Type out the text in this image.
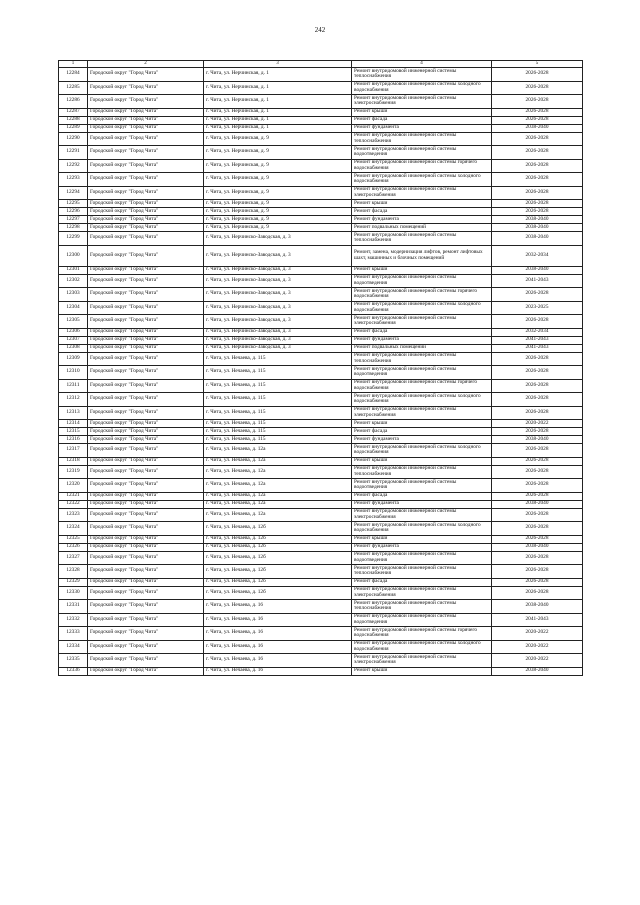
242
1	2	3	4	5
12284	Городской округ "Город Чита"	г. Чита, ул. Нерчинская, д. 1	Ремонт внутридомовой инженерной системы теплоснабжения	2026-2028
12285	Городской округ "Город Чита"	г. Чита, ул. Нерчинская, д. 1	Ремонт внутридомовой инженерной системы холодного водоснабжения	2026-2028
12286	Городской округ "Город Чита"	г. Чита, ул. Нерчинская, д. 1	Ремонт внутридомовой инженерной системы электроснабжения	2026-2028
12287	Городской округ "Город Чита"	г. Чита, ул. Нерчинская, д. 1	Ремонт крыши	2026-2028
12288	Городской округ "Город Чита"	г. Чита, ул. Нерчинская, д. 1	Ремонт фасада	2026-2028
12289	Городской округ "Город Чита"	г. Чита, ул. Нерчинская, д. 1	Ремонт фундамента	2038-2040
12290	Городской округ "Город Чита"	г. Чита, ул. Нерчинская, д. 9	Ремонт внутридомовой инженерной системы теплоснабжения	2026-2028
12291	Городской округ "Город Чита"	г. Чита, ул. Нерчинская, д. 9	Ремонт внутридомовой инженерной системы водоотведения	2026-2028
12292	Городской округ "Город Чита"	г. Чита, ул. Нерчинская, д. 9	Ремонт внутридомовой инженерной системы горячего водоснабжения	2026-2028
12293	Городской округ "Город Чита"	г. Чита, ул. Нерчинская, д. 9	Ремонт внутридомовой инженерной системы холодного водоснабжения	2026-2028
12294	Городской округ "Город Чита"	г. Чита, ул. Нерчинская, д. 9	Ремонт внутридомовой инженерной системы электроснабжения	2026-2028
12295	Городской округ "Город Чита"	г. Чита, ул. Нерчинская, д. 9	Ремонт крыши	2026-2028
12296	Городской округ "Город Чита"	г. Чита, ул. Нерчинская, д. 9	Ремонт фасада	2026-2028
12297	Городской округ "Город Чита"	г. Чита, ул. Нерчинская, д. 9	Ремонт фундамента	2038-2040
12298	Городской округ "Город Чита"	г. Чита, ул. Нерчинская, д. 9	Ремонт подвальных помещений	2038-2040
12299	Городской округ "Город Чита"	г. Чита, ул. Нерчинско-Заводская, д. 3	Ремонт внутридомовой инженерной системы теплоснабжения	2038-2040
12300	Городской округ "Город Чита"	г. Чита, ул. Нерчинско-Заводская, д. 3	Ремонт, замена, модернизация лифтов, ремонт лифтовых шахт, машинных и блочных помещений	2032-2034
12301	Городской округ "Город Чита"	г. Чита, ул. Нерчинско-Заводская, д. 3	Ремонт крыши	2038-2040
12302	Городской округ "Город Чита"	г. Чита, ул. Нерчинско-Заводская, д. 3	Ремонт внутридомовой инженерной системы водоотведения	2041-2043
12303	Городской округ "Город Чита"	г. Чита, ул. Нерчинско-Заводская, д. 3	Ремонт внутридомовой инженерной системы горячего водоснабжения	2026-2028
12304	Городской округ "Город Чита"	г. Чита, ул. Нерчинско-Заводская, д. 3	Ремонт внутридомовой инженерной системы холодного водоснабжения	2023-2025
12305	Городской округ "Город Чита"	г. Чита, ул. Нерчинско-Заводская, д. 3	Ремонт внутридомовой инженерной системы электроснабжения	2026-2028
12306	Городской округ "Город Чита"	г. Чита, ул. Нерчинско-Заводская, д. 3	Ремонт фасада	2032-2034
12307	Городской округ "Город Чита"	г. Чита, ул. Нерчинско-Заводская, д. 3	Ремонт фундамента	2041-2043
12308	Городской округ "Город Чита"	г. Чита, ул. Нерчинско-Заводская, д. 3	Ремонт подвальных помещений	2041-2043
12309	Городской округ "Город Чита"	г. Чита, ул. Нечаева, д. 115	Ремонт внутридомовой инженерной системы теплоснабжения	2026-2028
12310	Городской округ "Город Чита"	г. Чита, ул. Нечаева, д. 115	Ремонт внутридомовой инженерной системы водоотведения	2026-2028
12311	Городской округ "Город Чита"	г. Чита, ул. Нечаева, д. 115	Ремонт внутридомовой инженерной системы горячего водоснабжения	2026-2028
12312	Городской округ "Город Чита"	г. Чита, ул. Нечаева, д. 115	Ремонт внутридомовой инженерной системы холодного водоснабжения	2026-2028
12313	Городской округ "Город Чита"	г. Чита, ул. Нечаева, д. 115	Ремонт внутридомовой инженерной системы электроснабжения	2026-2028
12314	Городской округ "Город Чита"	г. Чита, ул. Нечаева, д. 115	Ремонт крыши	2020-2022
12315	Городской округ "Город Чита"	г. Чита, ул. Нечаева, д. 115	Ремонт фасада	2026-2028
12316	Городской округ "Город Чита"	г. Чита, ул. Нечаева, д. 115	Ремонт фундамента	2038-2040
12317	Городской округ "Город Чита"	г. Чита, ул. Нечаева, д. 12а	Ремонт внутридомовой инженерной системы холодного водоснабжения	2026-2028
12318	Городской округ "Город Чита"	г. Чита, ул. Нечаева, д. 12а	Ремонт крыши	2026-2028
12319	Городской округ "Город Чита"	г. Чита, ул. Нечаева, д. 12а	Ремонт внутридомовой инженерной системы теплоснабжения	2026-2028
12320	Городской округ "Город Чита"	г. Чита, ул. Нечаева, д. 12а	Ремонт внутридомовой инженерной системы водоотведения	2026-2028
12321	Городской округ "Город Чита"	г. Чита, ул. Нечаева, д. 12а	Ремонт фасада	2026-2028
12322	Городской округ "Город Чита"	г. Чита, ул. Нечаева, д. 12а	Ремонт фундамента	2038-2040
12323	Городской округ "Город Чита"	г. Чита, ул. Нечаева, д. 12а	Ремонт внутридомовой инженерной системы электроснабжения	2026-2028
12324	Городской округ "Город Чита"	г. Чита, ул. Нечаева, д. 12б	Ремонт внутридомовой инженерной системы холодного водоснабжения	2026-2028
12325	Городской округ "Город Чита"	г. Чита, ул. Нечаева, д. 12б	Ремонт крыши	2026-2028
12326	Городской округ "Город Чита"	г. Чита, ул. Нечаева, д. 12б	Ремонт фундамента	2038-2040
12327	Городской округ "Город Чита"	г. Чита, ул. Нечаева, д. 12б	Ремонт внутридомовой инженерной системы водоотведения	2026-2028
12328	Городской округ "Город Чита"	г. Чита, ул. Нечаева, д. 12б	Ремонт внутридомовой инженерной системы теплоснабжения	2026-2028
12329	Городской округ "Город Чита"	г. Чита, ул. Нечаева, д. 12б	Ремонт фасада	2026-2028
12330	Городской округ "Город Чита"	г. Чита, ул. Нечаева, д. 12б	Ремонт внутридомовой инженерной системы электроснабжения	2026-2028
12331	Городской округ "Город Чита"	г. Чита, ул. Нечаева, д. 16	Ремонт внутридомовой инженерной системы теплоснабжения	2038-2040
12332	Городской округ "Город Чита"	г. Чита, ул. Нечаева, д. 16	Ремонт внутридомовой инженерной системы водоотведения	2041-2043
12333	Городской округ "Город Чита"	г. Чита, ул. Нечаева, д. 16	Ремонт внутридомовой инженерной системы горячего водоснабжения	2020-2022
12334	Городской округ "Город Чита"	г. Чита, ул. Нечаева, д. 16	Ремонт внутридомовой инженерной системы холодного водоснабжения	2020-2022
12335	Городской округ "Город Чита"	г. Чита, ул. Нечаева, д. 16	Ремонт внутридомовой инженерной системы электроснабжения	2020-2022
12336	Городской округ "Город Чита"	г. Чита, ул. Нечаева, д. 16	Ремонт крыши	2038-2040
